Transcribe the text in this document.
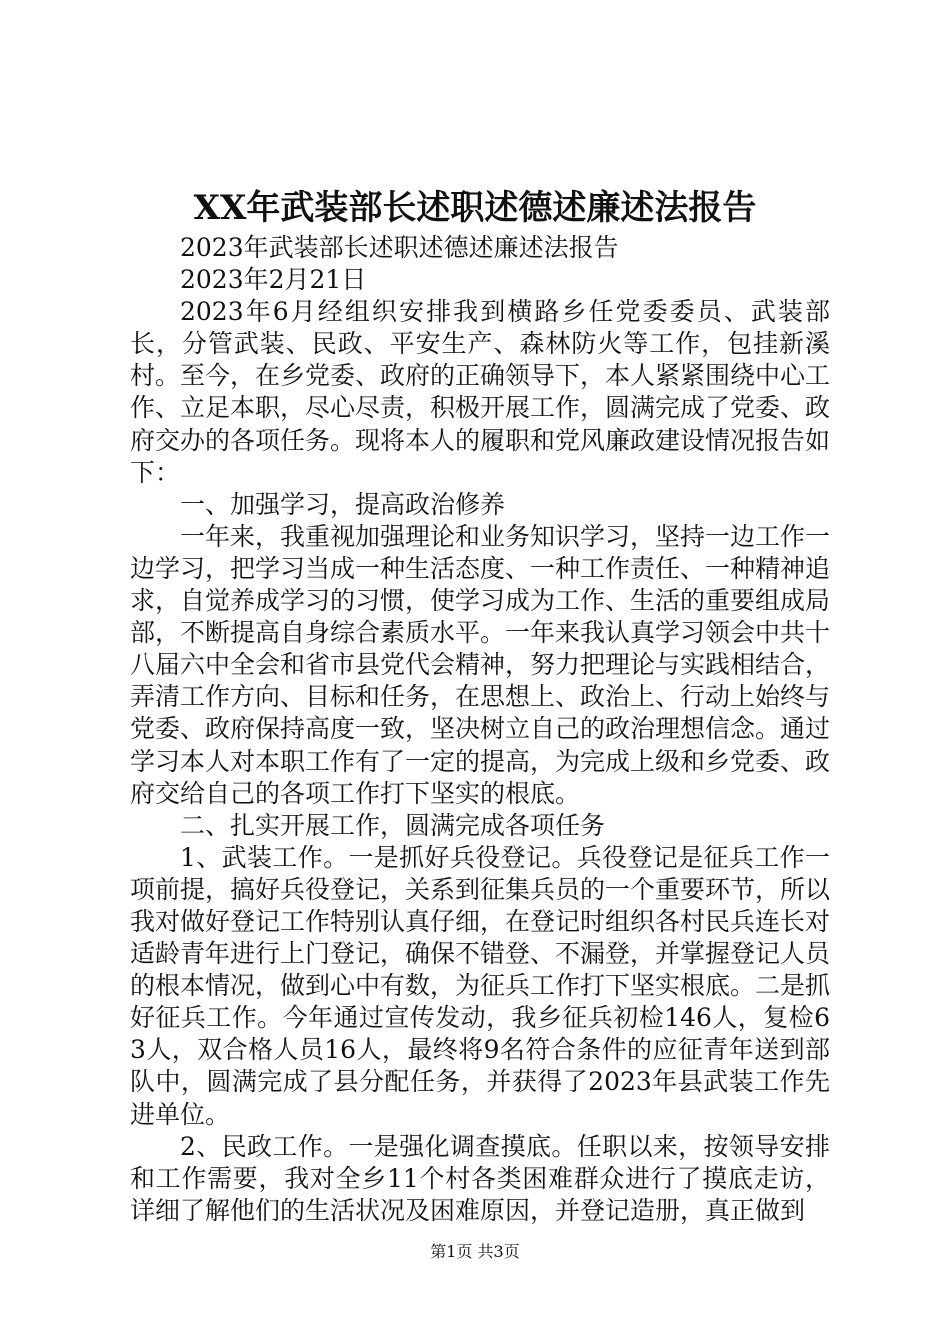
XX年武装部长述职述德述廉述法报告

2023年武装部长述职述德述廉述法报告

2023年2月21日

2023年6月经组织安排我到横路乡任党委委员、武装部长，分管武装、民政、平安生产、森林防火等工作，包挂新溪村。至今，在乡党委、政府的正确领导下，本人紧紧围绕中心工作、立足本职，尽心尽责，积极开展工作，圆满完成了党委、政府交办的各项任务。现将本人的履职和党风廉政建设情况报告如下：

一、加强学习，提高政治修养

一年来，我重视加强理论和业务知识学习，坚持一边工作一边学习，把学习当成一种生活态度、一种工作责任、一种精神追求，自觉养成学习的习惯，使学习成为工作、生活的重要组成局部，不断提高自身综合素质水平。一年来我认真学习领会中共十八届六中全会和省市县党代会精神，努力把理论与实践相结合，弄清工作方向、目标和任务，在思想上、政治上、行动上始终与党委、政府保持高度一致，坚决树立自己的政治理想信念。通过学习本人对本职工作有了一定的提高，为完成上级和乡党委、政府交给自己的各项工作打下坚实的根底。

二、扎实开展工作，圆满完成各项任务

1、武装工作。一是抓好兵役登记。兵役登记是征兵工作一项前提，搞好兵役登记，关系到征集兵员的一个重要环节，所以我对做好登记工作特别认真仔细，在登记时组织各村民兵连长对适龄青年进行上门登记，确保不错登、不漏登，并掌握登记人员的根本情况，做到心中有数，为征兵工作打下坚实根底。二是抓好征兵工作。今年通过宣传发动，我乡征兵初检146人，复检63人，双合格人员16人，最终将9名符合条件的应征青年送到部队中，圆满完成了县分配任务，并获得了2023年县武装工作先进单位。

2、民政工作。一是强化调查摸底。任职以来，按领导安排和工作需要，我对全乡11个村各类困难群众进行了摸底走访，详细了解他们的生活状况及困难原因，并登记造册，真正做到

第1页 共3页
